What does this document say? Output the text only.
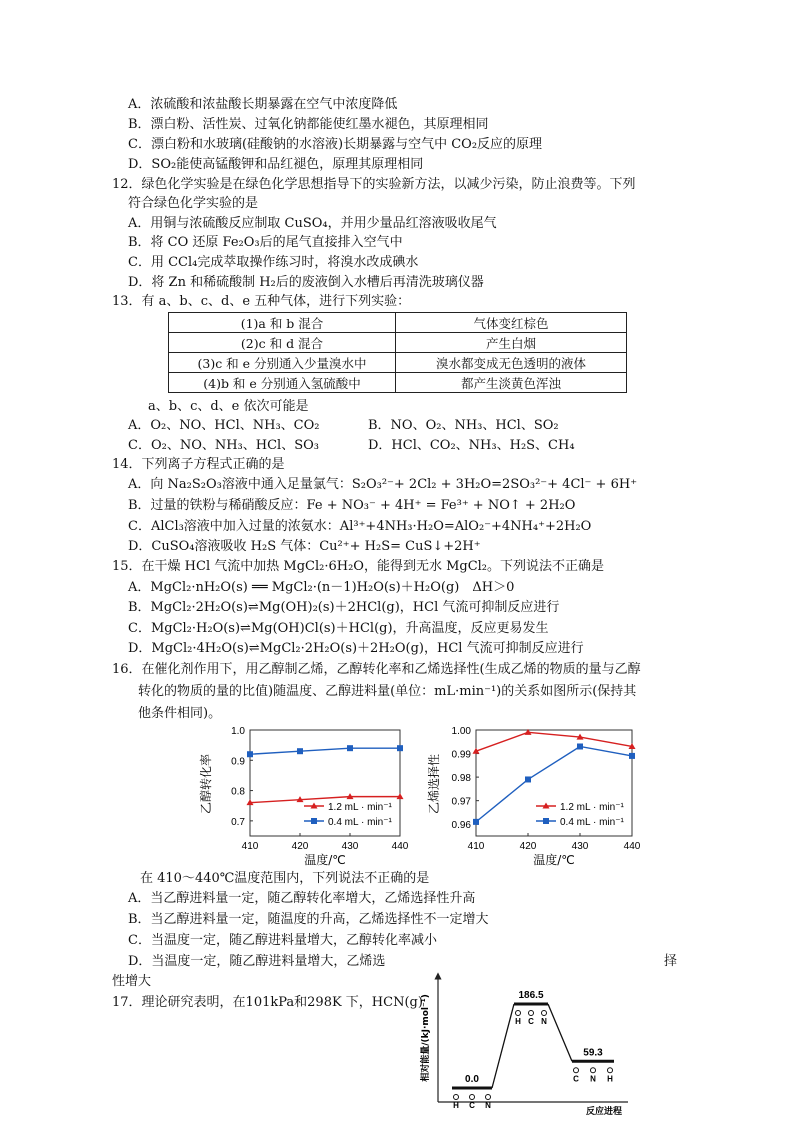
A．浓硫酸和浓盐酸长期暴露在空气中浓度降低
B．漂白粉、活性炭、过氧化钠都能使红墨水褪色，其原理相同
C．漂白粉和水玻璃(硅酸钠的水溶液)长期暴露与空气中 CO₂反应的原理
D．SO₂能使高锰酸钾和品红褪色，原理其原理相同
12．绿色化学实验是在绿色化学思想指导下的实验新方法，以减少污染，防止浪费等。下列
符合绿色化学实验的是
A．用铜与浓硫酸反应制取 CuSO₄，并用少量品红溶液吸收尾气
B．将 CO 还原 Fe₂O₃后的尾气直接排入空气中
C．用 CCl₄完成萃取操作练习时，将溴水改成碘水
D．将 Zn 和稀硫酸制 H₂后的废液倒入水槽后再清洗玻璃仪器
13．有 a、b、c、d、e 五种气体，进行下列实验：
(1)a 和 b 混合	气体变红棕色
(2)c 和 d 混合	产生白烟
(3)c 和 e 分别通入少量溴水中	溴水都变成无色透明的液体
(4)b 和 e 分别通入氢硫酸中	都产生淡黄色浑浊
a、b、c、d、e 依次可能是
A．O₂、NO、HCl、NH₃、CO₂	B．NO、O₂、NH₃、HCl、SO₂
C．O₂、NO、NH₃、HCl、SO₃	D．HCl、CO₂、NH₃、H₂S、CH₄
14．下列离子方程式正确的是
A．向 Na₂S₂O₃溶液中通入足量氯气：S₂O₃²⁻+ 2Cl₂ + 3H₂O=2SO₃²⁻+ 4Cl⁻ + 6H⁺
B．过量的铁粉与稀硝酸反应：Fe + NO₃⁻ + 4H⁺ = Fe³⁺ + NO↑ + 2H₂O
C．AlCl₃溶液中加入过量的浓氨水：Al³⁺+4NH₃·H₂O=AlO₂⁻+4NH₄⁺+2H₂O
D．CuSO₄溶液吸收 H₂S 气体：Cu²⁺+ H₂S= CuS↓+2H⁺
15．在干燥 HCl 气流中加热 MgCl₂·6H₂O，能得到无水 MgCl₂。下列说法不正确是
A．MgCl₂·nH₂O(s) ══ MgCl₂·(n－1)H₂O(s)＋H₂O(g)　ΔH＞0
B．MgCl₂·2H₂O(s)⇌Mg(OH)₂(s)＋2HCl(g)，HCl 气流可抑制反应进行
C．MgCl₂·H₂O(s)⇌Mg(OH)Cl(s)＋HCl(g)，升高温度，反应更易发生
D．MgCl₂·4H₂O(s)⇌MgCl₂·2H₂O(s)＋2H₂O(g)，HCl 气流可抑制反应进行
16．在催化剂作用下，用乙醇制乙烯，乙醇转化率和乙烯选择性(生成乙烯的物质的量与乙醇
转化的物质的量的比值)随温度、乙醇进料量(单位：mL·min⁻¹)的关系如图所示(保持其
他条件相同)。
0.7
0.8
0.9
1.0
410	420	430	440
乙醇转化率
温度/℃
1.2 mL · min⁻¹
0.4 mL · min⁻¹	0.96
0.97
0.98
0.99
1.00
410	420	430	440
乙烯选择性
温度/℃
1.2 mL · min⁻¹
0.4 mL · min⁻¹
在 410～440℃温度范围内，下列说法不正确的是
A．当乙醇进料量一定，随乙醇转化率增大，乙烯选择性升高
B．当乙醇进料量一定，随温度的升高，乙烯选择性不一定增大
C．当温度一定，随乙醇进料量增大，乙醇转化率减小
D．当温度一定，随乙醇进料量增大，乙烯选	择
性增大
17．理论研究表明，在101kPa和298K 下，HCN(g)
相对能量/(kJ·mol⁻¹)
反应进程
0.0
H C N
186.5
H C N
59.3
C N H
